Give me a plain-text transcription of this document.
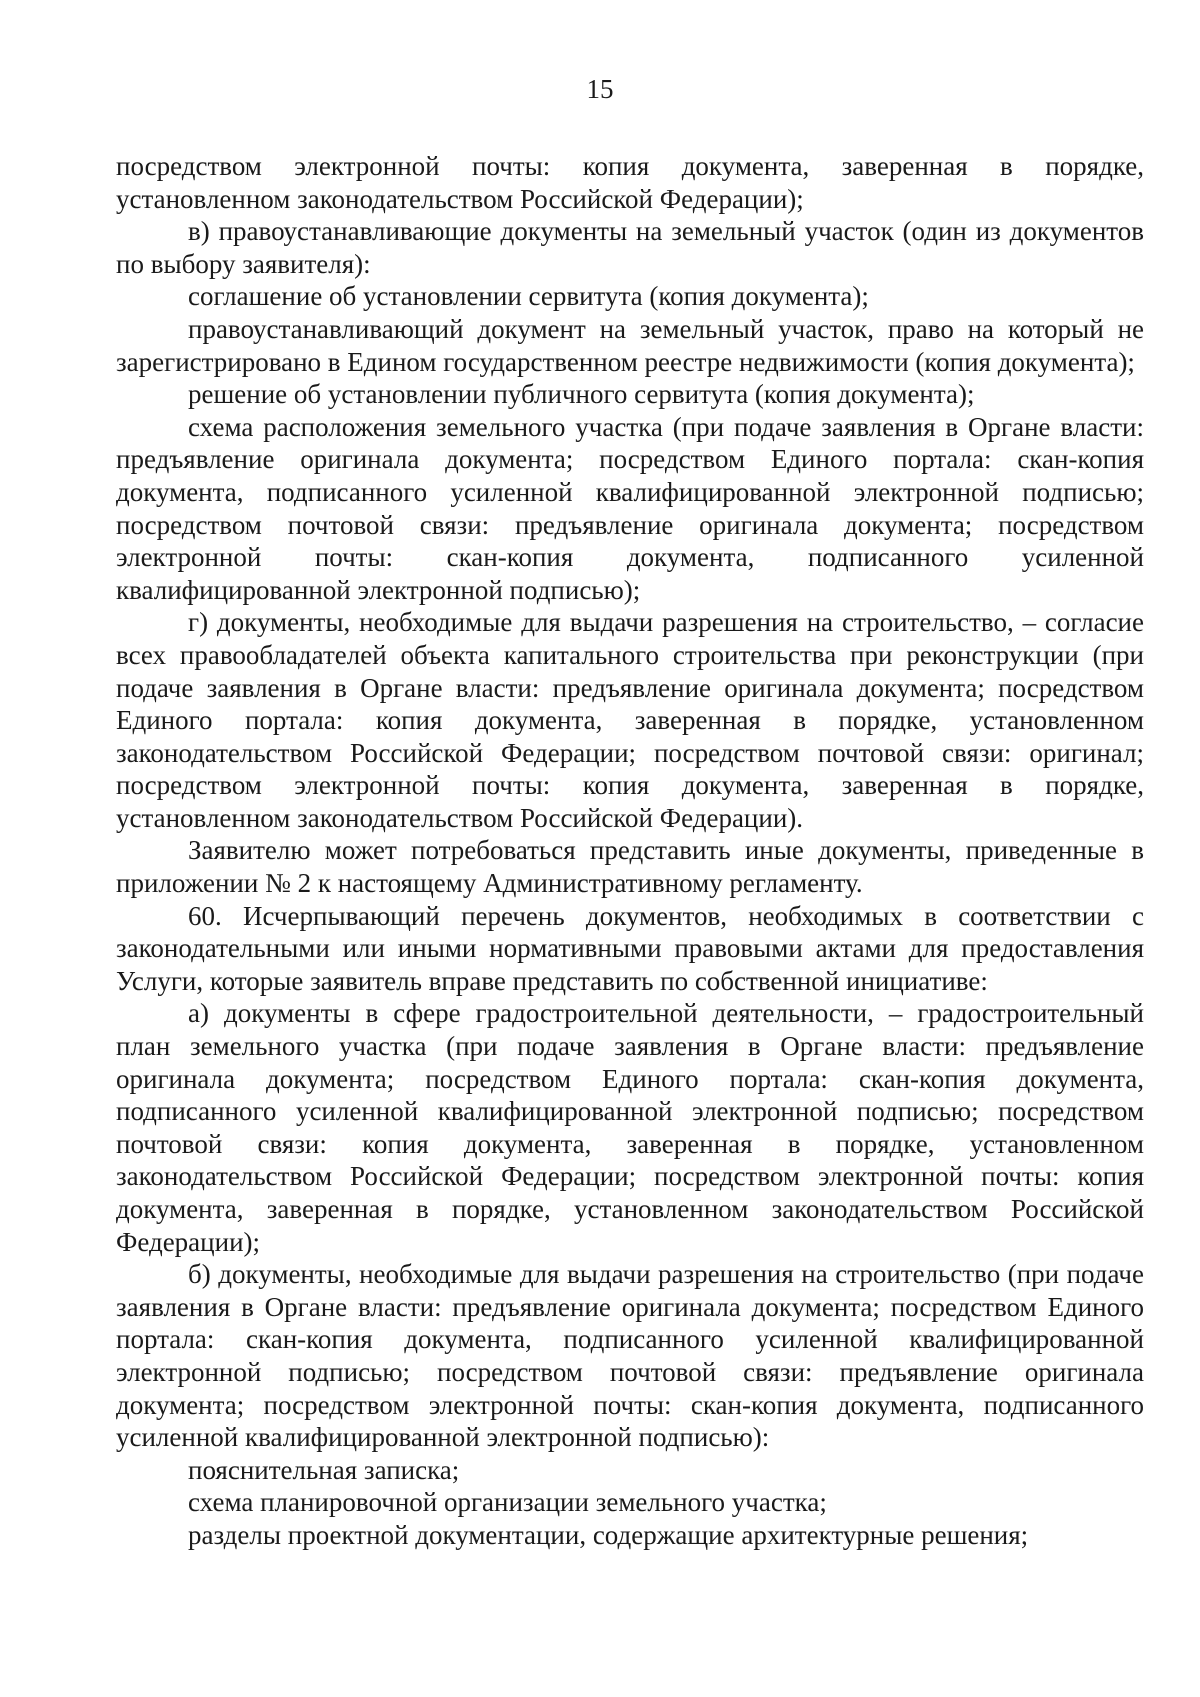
15

посредством электронной почты: копия документа, заверенная в порядке, установленном законодательством Российской Федерации);

в) правоустанавливающие документы на земельный участок (один из документов по выбору заявителя):

соглашение об установлении сервитута (копия документа);

правоустанавливающий документ на земельный участок, право на который не зарегистрировано в Едином государственном реестре недвижимости (копия документа);

решение об установлении публичного сервитута (копия документа);

схема расположения земельного участка (при подаче заявления в Органе власти: предъявление оригинала документа; посредством Единого портала: скан-копия документа, подписанного усиленной квалифицированной электронной подписью; посредством почтовой связи: предъявление оригинала документа; посредством электронной почты: скан-копия документа, подписанного усиленной квалифицированной электронной подписью);

г) документы, необходимые для выдачи разрешения на строительство, – согласие всех правообладателей объекта капитального строительства при реконструкции (при подаче заявления в Органе власти: предъявление оригинала документа; посредством Единого портала: копия документа, заверенная в порядке, установленном законодательством Российской Федерации; посредством почтовой связи: оригинал; посредством электронной почты: копия документа, заверенная в порядке, установленном законодательством Российской Федерации).

Заявителю может потребоваться представить иные документы, приведенные в приложении № 2 к настоящему Административному регламенту.

60. Исчерпывающий перечень документов, необходимых в соответствии с законодательными или иными нормативными правовыми актами для предоставления Услуги, которые заявитель вправе представить по собственной инициативе:

а) документы в сфере градостроительной деятельности, – градостроительный план земельного участка (при подаче заявления в Органе власти: предъявление оригинала документа; посредством Единого портала: скан-копия документа, подписанного усиленной квалифицированной электронной подписью; посредством почтовой связи: копия документа, заверенная в порядке, установленном законодательством Российской Федерации; посредством электронной почты: копия документа, заверенная в порядке, установленном законодательством Российской Федерации);

б) документы, необходимые для выдачи разрешения на строительство (при подаче заявления в Органе власти: предъявление оригинала документа; посредством Единого портала: скан-копия документа, подписанного усиленной квалифицированной электронной подписью; посредством почтовой связи: предъявление оригинала документа; посредством электронной почты: скан-копия документа, подписанного усиленной квалифицированной электронной подписью):

пояснительная записка;

схема планировочной организации земельного участка;

разделы проектной документации, содержащие архитектурные решения;
